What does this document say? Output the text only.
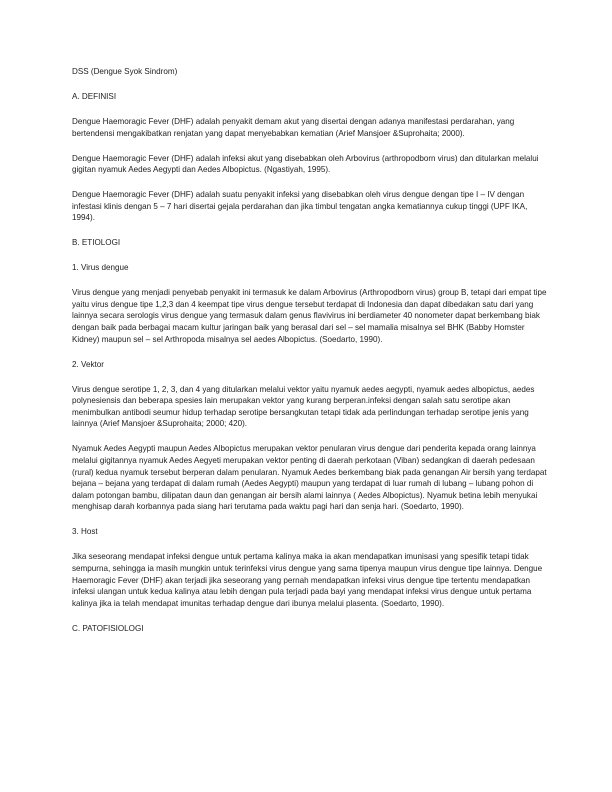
DSS (Dengue Syok Sindrom)

A. DEFINISI

Dengue Haemoragic Fever (DHF) adalah penyakit demam akut yang disertai dengan adanya manifestasi perdarahan, yang bertendensi mengakibatkan renjatan yang dapat menyebabkan kematian (Arief Mansjoer &Suprohaita; 2000).

Dengue Haemoragic Fever (DHF) adalah infeksi akut yang disebabkan oleh Arbovirus (arthropodborn virus) dan ditularkan melalui gigitan nyamuk Aedes Aegypti dan Aedes Albopictus. (Ngastiyah, 1995).

Dengue Haemoragic Fever (DHF) adalah suatu penyakit infeksi yang disebabkan oleh virus dengue dengan tipe I – IV dengan infestasi klinis dengan 5 – 7 hari disertai gejala perdarahan dan jika timbul tengatan angka kematiannya cukup tinggi (UPF IKA, 1994).

B. ETIOLOGI

1. Virus dengue

Virus dengue yang menjadi penyebab penyakit ini termasuk ke dalam Arbovirus (Arthropodborn virus) group B, tetapi dari empat tipe yaitu virus dengue tipe 1,2,3 dan 4 keempat tipe virus dengue tersebut terdapat di Indonesia dan dapat dibedakan satu dari yang lainnya secara serologis virus dengue yang termasuk dalam genus flavivirus ini berdiameter 40 nonometer dapat berkembang biak dengan baik pada berbagai macam kultur jaringan baik yang berasal dari sel – sel mamalia misalnya sel BHK (Babby Homster Kidney) maupun sel – sel Arthropoda misalnya sel aedes Albopictus. (Soedarto, 1990).

2. Vektor

Virus dengue serotipe 1, 2, 3, dan 4 yang ditularkan melalui vektor yaitu nyamuk aedes aegypti, nyamuk aedes albopictus, aedes polynesiensis dan beberapa spesies lain merupakan vektor yang kurang berperan.infeksi dengan salah satu serotipe akan menimbulkan antibodi seumur hidup terhadap serotipe bersangkutan tetapi tidak ada perlindungan terhadap serotipe jenis yang lainnya (Arief Mansjoer &Suprohaita; 2000; 420).

Nyamuk Aedes Aegypti maupun Aedes Albopictus merupakan vektor penularan virus dengue dari penderita kepada orang lainnya melalui gigitannya nyamuk Aedes Aegyeti merupakan vektor penting di daerah perkotaan (Viban) sedangkan di daerah pedesaan (rural) kedua nyamuk tersebut berperan dalam penularan. Nyamuk Aedes berkembang biak pada genangan Air bersih yang terdapat bejana – bejana yang terdapat di dalam rumah (Aedes Aegypti) maupun yang terdapat di luar rumah di lubang – lubang pohon di dalam potongan bambu, dilipatan daun dan genangan air bersih alami lainnya ( Aedes Albopictus). Nyamuk betina lebih menyukai menghisap darah korbannya pada siang hari terutama pada waktu pagi hari dan senja hari. (Soedarto, 1990).

3. Host

Jika seseorang mendapat infeksi dengue untuk pertama kalinya maka ia akan mendapatkan imunisasi yang spesifik tetapi tidak sempurna, sehingga ia masih mungkin untuk terinfeksi virus dengue yang sama tipenya maupun virus dengue tipe lainnya. Dengue Haemoragic Fever (DHF) akan terjadi jika seseorang yang pernah mendapatkan infeksi virus dengue tipe tertentu mendapatkan infeksi ulangan untuk kedua kalinya atau lebih dengan pula terjadi pada bayi yang mendapat infeksi virus dengue untuk pertama kalinya jika ia telah mendapat imunitas terhadap dengue dari ibunya melalui plasenta. (Soedarto, 1990).

C. PATOFISIOLOGI
